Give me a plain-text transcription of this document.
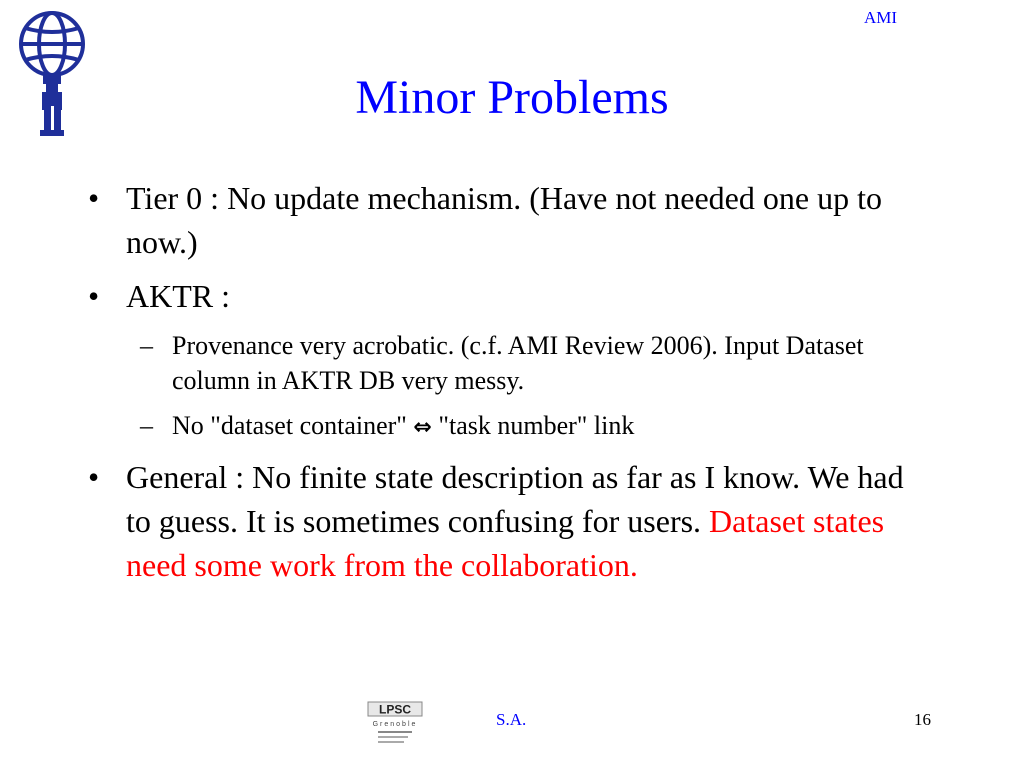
AMI
Minor Problems
• Tier 0 : No update mechanism. (Have not needed one up to now.)
• AKTR :
– Provenance very acrobatic. (c.f. AMI Review 2006). Input Dataset column in AKTR DB very messy.
– No "dataset container" ⇔ "task number" link
• General : No finite state description as far as I know. We had to guess. It is sometimes confusing for users. Dataset states need some work from the collaboration.
LPSC
Grenoble	S.A.	16
